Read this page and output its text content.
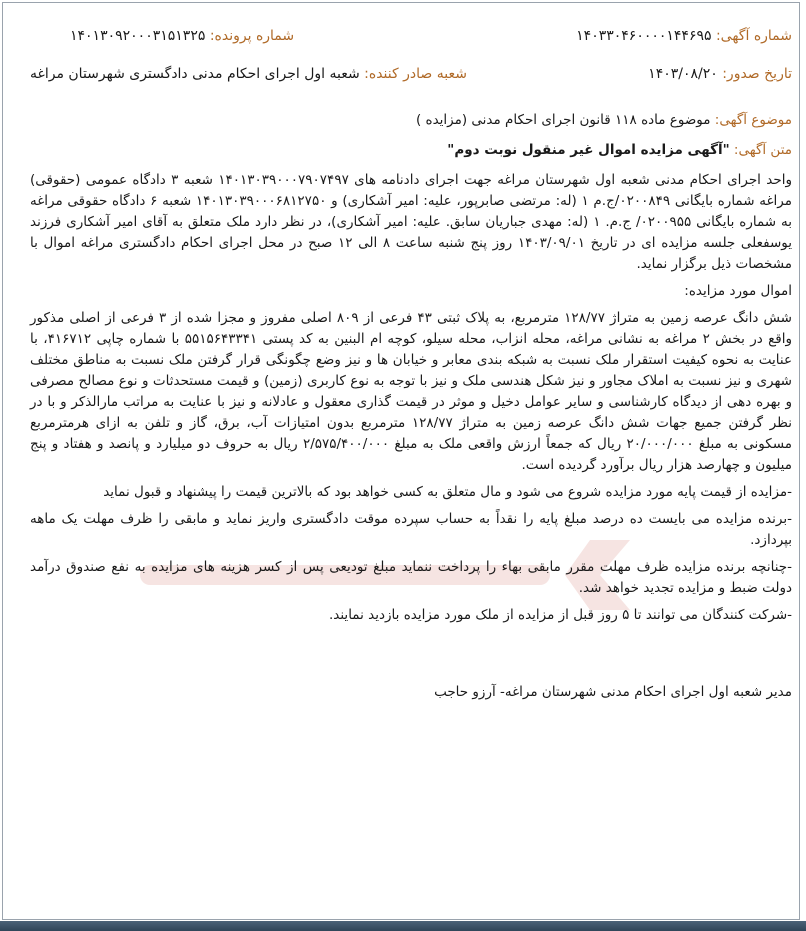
شماره آگهی: ۱۴۰۳۳۰۴۶۰۰۰۰۱۴۴۶۹۵
شماره پرونده: ۱۴۰۱۳۰۹۲۰۰۰۳۱۵۱۳۲۵
تاریخ صدور: ۱۴۰۳/۰۸/۲۰
شعبه صادر کننده: شعبه اول اجرای احکام مدنی دادگستری شهرستان مراغه
موضوع آگهی: موضوع ماده ۱۱۸ قانون اجرای احکام مدنی (مزایده )
متن آگهی: "آگهی مزایده اموال غیر منقول نوبت دوم"

واحد اجرای احکام مدنی شعبه اول شهرستان مراغه جهت اجرای دادنامه های ۱۴۰۱۳۰۳۹۰۰۰۷۹۰۷۴۹۷ شعبه ۳ دادگاه عمومی (حقوقی) مراغه شماره بایگانی ۰۲۰۰۸۴۹/ج.م ۱ (له: مرتضی صابرپور، علیه: امیر آشکاری) و ۱۴۰۱۳۰۳۹۰۰۰۶۸۱۲۷۵۰ شعبه ۶ دادگاه حقوقی مراغه به شماره بایگانی ۰۲۰۰۹۵۵/ ج.م. ۱ (له: مهدی جباریان سابق. علیه: امیر آشکاری)، در نظر دارد ملک متعلق به آقای امیر آشکاری فرزند یوسفعلی جلسه مزایده ای در تاریخ ۱۴۰۳/۰۹/۰۱ روز پنج شنبه ساعت ۸ الی ۱۲ صبح در محل اجرای احکام دادگستری مراغه اموال با مشخصات ذیل برگزار نماید.

اموال مورد مزایده:

شش دانگ عرصه زمین به متراژ ۱۲۸/۷۷ مترمربع، به پلاک ثبتی ۴۳ فرعی از ۸۰۹ اصلی مفروز و مجزا شده از ۳ فرعی از اصلی مذکور واقع در بخش ۲ مراغه به نشانی مراغه، محله انزاب، محله سیلو، کوچه ام البنین به کد پستی ۵۵۱۵۶۴۳۳۴۱ با شماره چاپی ۴۱۶۷۱۲، با عنایت به نحوه کیفیت استقرار ملک نسبت به شبکه بندی معابر و خیابان ها و نیز وضع چگونگی قرار گرفتن ملک نسبت به مناطق مختلف شهری و نیز نسبت به املاک مجاور و نیز شکل هندسی ملک و نیز با توجه به نوع کاربری (زمین) و قیمت مستحدثات و نوع مصالح مصرفی و بهره دهی از دیدگاه کارشناسی و سایر عوامل دخیل و موثر در قیمت گذاری معقول و عادلانه و نیز با عنایت به مراتب مارالذکر و با در نظر گرفتن جمیع جهات شش دانگ عرصه زمین به متراژ ۱۲۸/۷۷ مترمربع بدون امتیازات آب، برق، گاز و تلفن به ازای هرمترمربع مسکونی به مبلغ ۲۰/۰۰۰/۰۰۰ ریال که جمعاً ارزش واقعی ملک به مبلغ ۲/۵۷۵/۴۰۰/۰۰۰ ریال به حروف دو میلیارد و پانصد و هفتاد و پنج میلیون و چهارصد هزار ریال برآورد گردیده است.

-مزایده از قیمت پایه مورد مزایده شروع می شود و مال متعلق به کسی خواهد بود که بالاترین قیمت را پیشنهاد و قبول نماید

-برنده مزایده می بایست ده درصد مبلغ پایه را نقداً به حساب سپرده موقت دادگستری واریز نماید و مابقی را ظرف مهلت یک ماهه بپردازد.

-چنانچه برنده مزایده ظرف مهلت مقرر مابقی بهاء را پرداخت ننماید مبلغ تودیعی پس از کسر هزینه های مزایده به نفع صندوق درآمد دولت ضبط و مزایده تجدید خواهد شد.

-شرکت کنندگان می توانند تا ۵ روز قبل از مزایده از ملک مورد مزایده بازدید نمایند.

مدیر شعبه اول اجرای احکام مدنی شهرستان مراغه- آرزو حاجب
